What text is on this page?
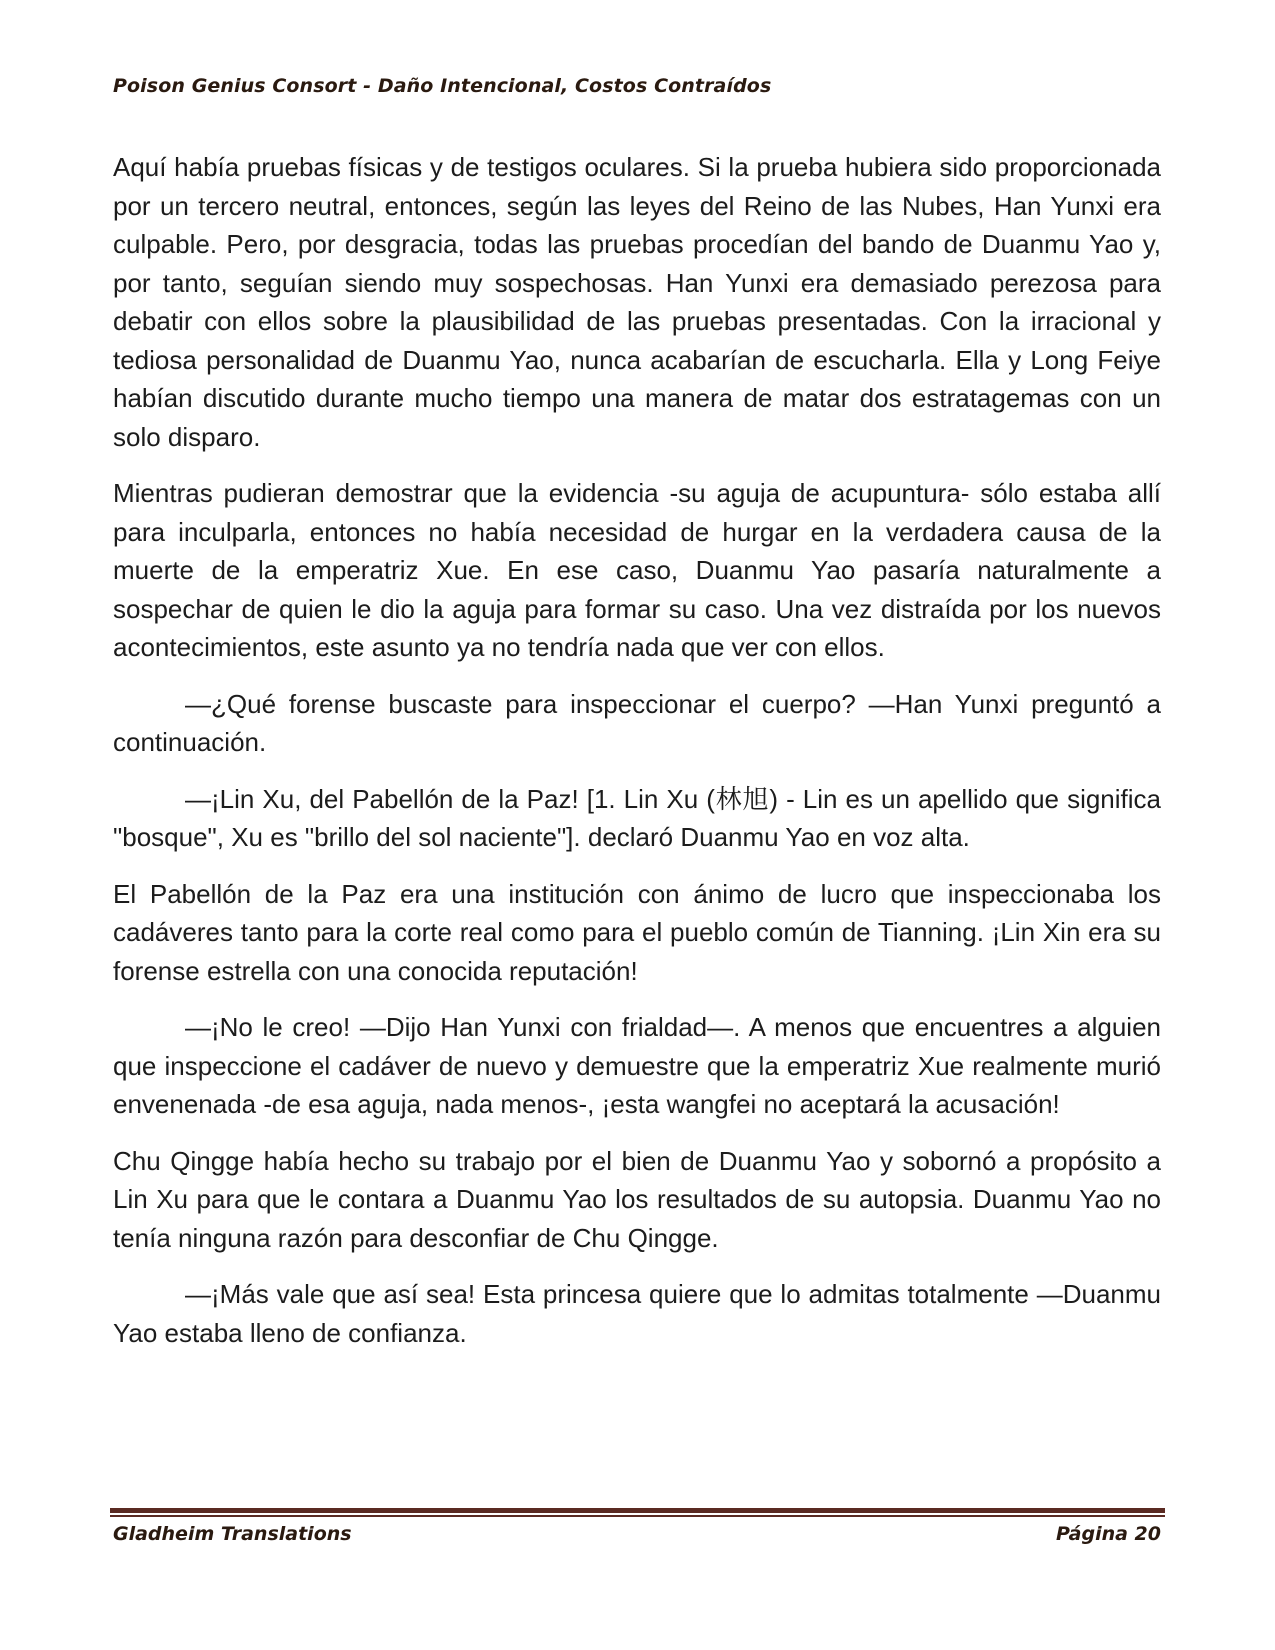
Poison Genius Consort - Daño Intencional, Costos Contraídos

Aquí había pruebas físicas y de testigos oculares. Si la prueba hubiera sido proporcionada por un tercero neutral, entonces, según las leyes del Reino de las Nubes, Han Yunxi era culpable. Pero, por desgracia, todas las pruebas procedían del bando de Duanmu Yao y, por tanto, seguían siendo muy sospechosas. Han Yunxi era demasiado perezosa para debatir con ellos sobre la plausibilidad de las pruebas presentadas. Con la irracional y tediosa personalidad de Duanmu Yao, nunca acabarían de escucharla. Ella y Long Feiye habían discutido durante mucho tiempo una manera de matar dos estratagemas con un solo disparo.

Mientras pudieran demostrar que la evidencia -su aguja de acupuntura- sólo estaba allí para inculparla, entonces no había necesidad de hurgar en la verdadera causa de la muerte de la emperatriz Xue. En ese caso, Duanmu Yao pasaría naturalmente a sospechar de quien le dio la aguja para formar su caso. Una vez distraída por los nuevos acontecimientos, este asunto ya no tendría nada que ver con ellos.

—¿Qué forense buscaste para inspeccionar el cuerpo? —Han Yunxi preguntó a continuación.

—¡Lin Xu, del Pabellón de la Paz! [1. Lin Xu (林旭) - Lin es un apellido que significa "bosque", Xu es "brillo del sol naciente"]. declaró Duanmu Yao en voz alta.

El Pabellón de la Paz era una institución con ánimo de lucro que inspeccionaba los cadáveres tanto para la corte real como para el pueblo común de Tianning. ¡Lin Xin era su forense estrella con una conocida reputación!

—¡No le creo! —Dijo Han Yunxi con frialdad—. A menos que encuentres a alguien que inspeccione el cadáver de nuevo y demuestre que la emperatriz Xue realmente murió envenenada -de esa aguja, nada menos-, ¡esta wangfei no aceptará la acusación!

Chu Qingge había hecho su trabajo por el bien de Duanmu Yao y sobornó a propósito a Lin Xu para que le contara a Duanmu Yao los resultados de su autopsia. Duanmu Yao no tenía ninguna razón para desconfiar de Chu Qingge.

—¡Más vale que así sea! Esta princesa quiere que lo admitas totalmente —Duanmu Yao estaba lleno de confianza.

Gladheim Translations	Página 20
